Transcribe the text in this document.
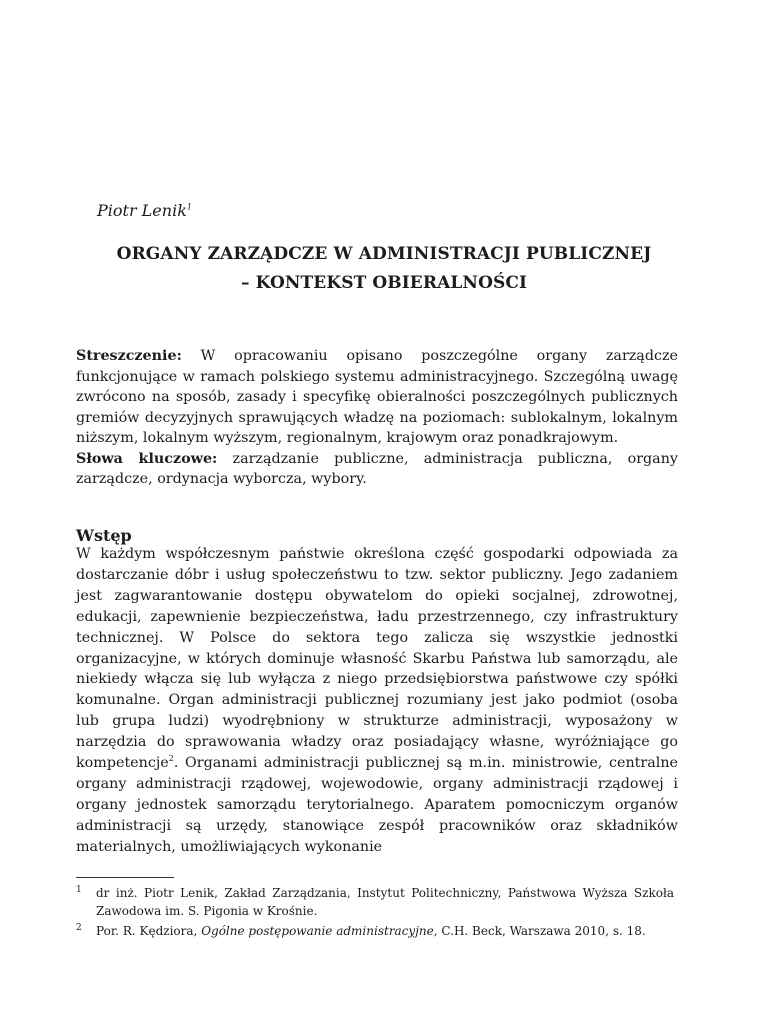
Piotr Lenik$^1$
ORGANY ZARZĄDCZE W ADMINISTRACJI PUBLICZNEJ
– KONTEKST OBIERALNOŚCI

Streszczenie: W opracowaniu opisano poszczególne organy zarządcze funkcjonujące w ramach polskiego systemu administracyjnego. Szczególną uwagę zwrócono na sposób, zasady i specyfikę obieralności poszczególnych publicznych gremiów decyzyjnych sprawujących władzę na poziomach: sublokalnym, lokalnym niższym, lokalnym wyższym, regionalnym, krajowym oraz ponadkrajowym.

Słowa kluczowe: zarządzanie publiczne, administracja publiczna, organy zarządcze, ordynacja wyborcza, wybory.

Wstęp

W każdym współczesnym państwie określona część gospodarki odpowiada za dostarczanie dóbr i usług społeczeństwu to tzw. sektor publiczny. Jego zadaniem jest zagwarantowanie dostępu obywatelom do opieki socjalnej, zdrowotnej, edukacji, zapewnienie bezpieczeństwa, ładu przestrzennego, czy infrastruktury technicznej. W Polsce do sektora tego zalicza się wszystkie jednostki organizacyjne, w których dominuje własność Skarbu Państwa lub samorządu, ale niekiedy włącza się lub wyłącza z niego przedsiębiorstwa państwowe czy spółki komunalne. Organ administracji publicznej rozumiany jest jako podmiot (osoba lub grupa ludzi) wyodrębniony w strukturze administracji, wyposażony w narzędzia do sprawowania władzy oraz posiadający własne, wyróżniające go kompetencje$^2$. Organami administracji publicznej są m.in. ministrowie, centralne organy administracji rządowej, wojewodowie, organy administracji rządowej i organy jednostek samorządu terytorialnego. Aparatem pomocniczym organów administracji są urzędy, stanowiące zespół pracowników oraz składników materialnych, umożliwiających wykonanie

1 dr inż. Piotr Lenik, Zakład Zarządzania, Instytut Politechniczny, Państwowa Wyższa Szkoła Zawodowa im. S. Pigonia w Krośnie.
2 Por. R. Kędziora, Ogólne postępowanie administracyjne, C.H. Beck, Warszawa 2010, s. 18.
